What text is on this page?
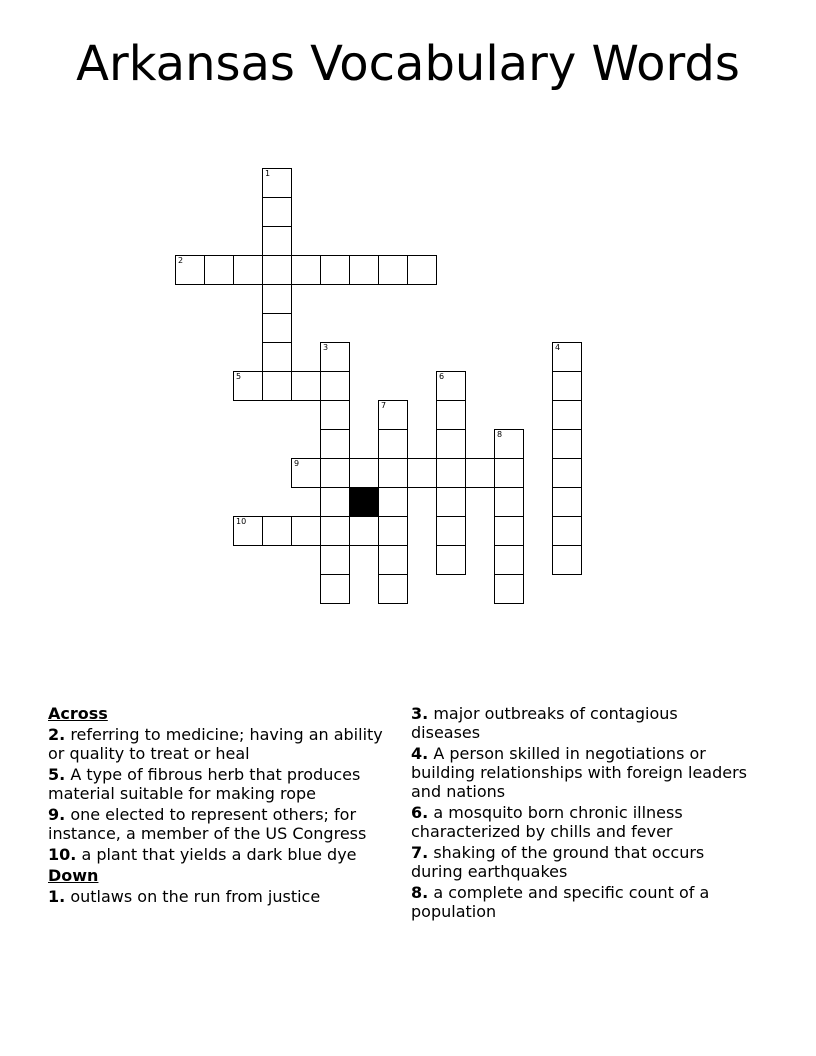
Arkansas Vocabulary Words
1
2
3	4
5	6
7
8
9
10
Across
2. referring to medicine; having an ability or quality to treat or heal
5. A type of fibrous herb that produces material suitable for making rope
9. one elected to represent others; for instance, a member of the US Congress
10. a plant that yields a dark blue dye
Down
1. outlaws on the run from justice
3. major outbreaks of contagious diseases
4. A person skilled in negotiations or building relationships with foreign leaders and nations
6. a mosquito born chronic illness characterized by chills and fever
7. shaking of the ground that occurs during earthquakes
8. a complete and specific count of a population
